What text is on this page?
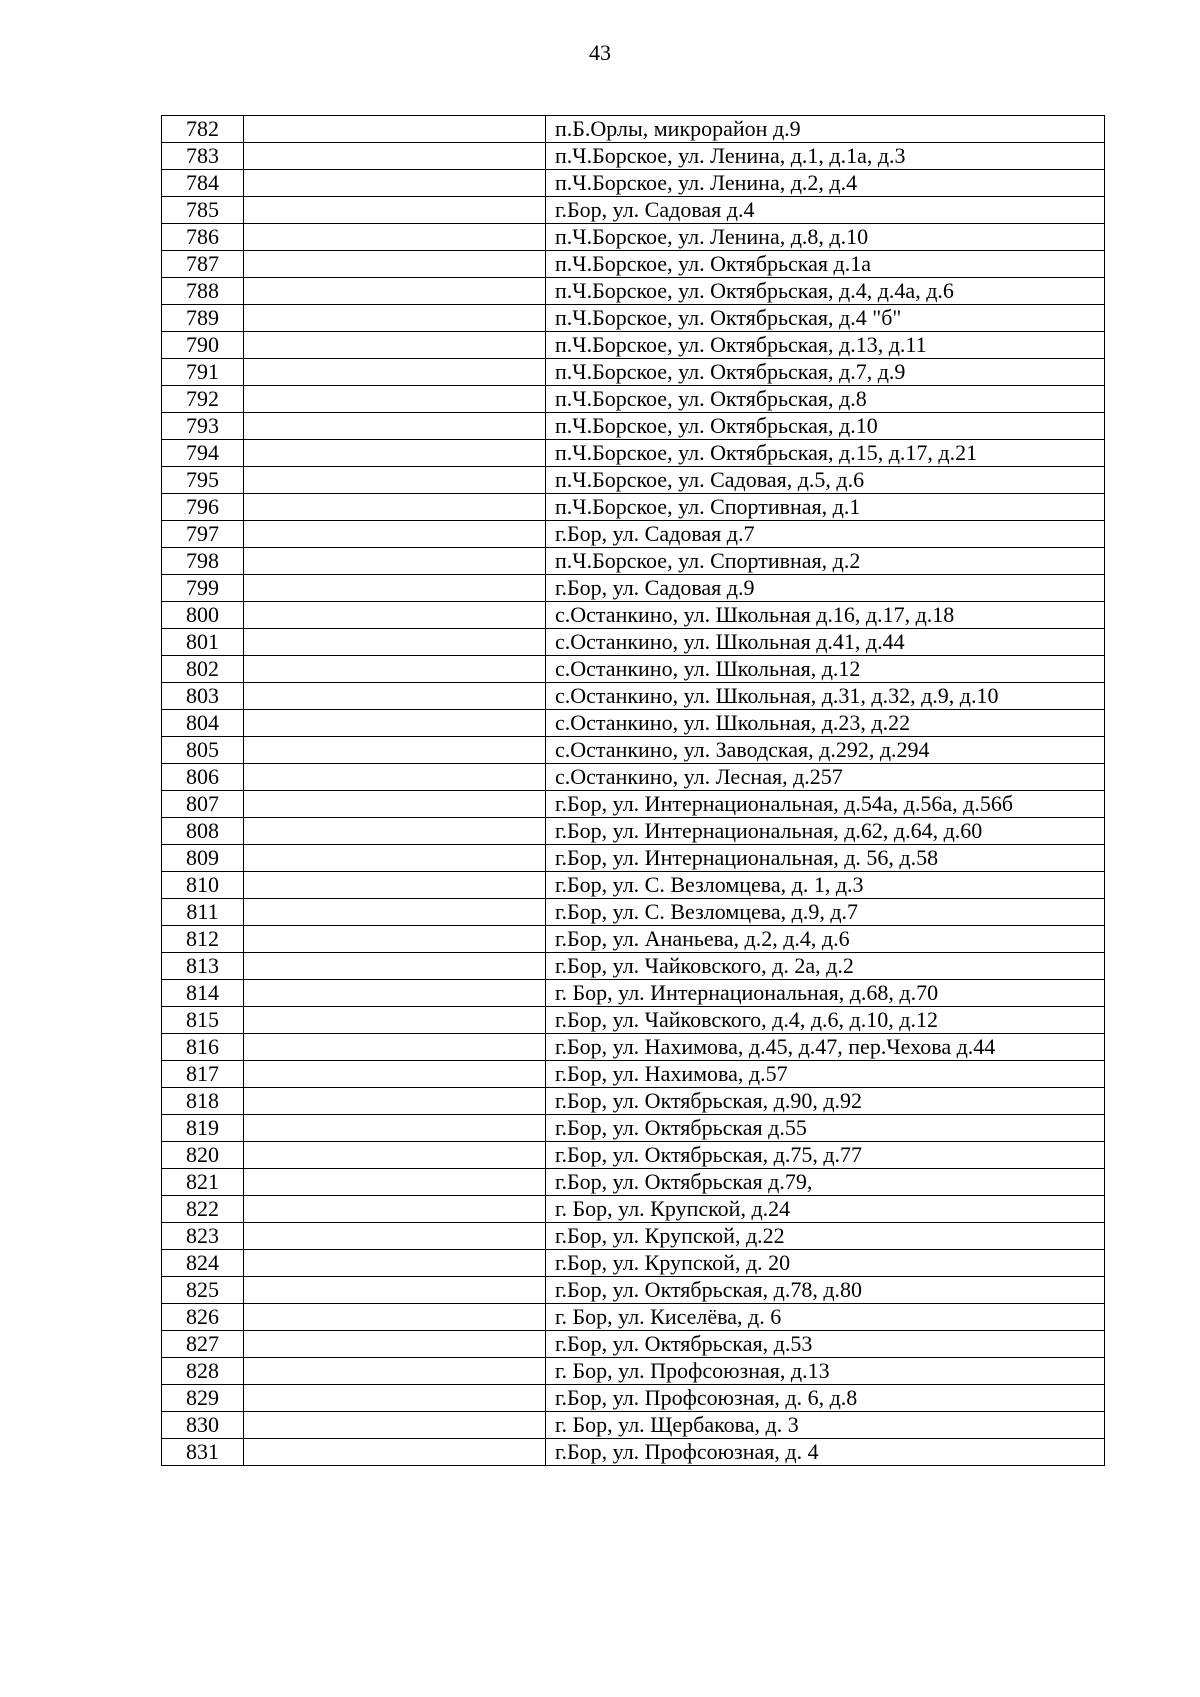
43
782		п.Б.Орлы, микрорайон д.9
783		п.Ч.Борское, ул. Ленина, д.1, д.1а, д.3
784		п.Ч.Борское, ул. Ленина, д.2, д.4
785		г.Бор, ул. Садовая д.4
786		п.Ч.Борское, ул. Ленина, д.8, д.10
787		п.Ч.Борское, ул. Октябрьская д.1а
788		п.Ч.Борское, ул. Октябрьская, д.4, д.4а, д.6
789		п.Ч.Борское, ул. Октябрьская, д.4 "б"
790		п.Ч.Борское, ул. Октябрьская, д.13, д.11
791		п.Ч.Борское, ул. Октябрьская, д.7, д.9
792		п.Ч.Борское, ул. Октябрьская, д.8
793		п.Ч.Борское, ул. Октябрьская, д.10
794		п.Ч.Борское, ул. Октябрьская, д.15, д.17, д.21
795		п.Ч.Борское, ул. Садовая, д.5, д.6
796		п.Ч.Борское, ул. Спортивная, д.1
797		г.Бор, ул. Садовая д.7
798		п.Ч.Борское, ул. Спортивная, д.2
799		г.Бор, ул. Садовая д.9
800		с.Останкино, ул. Школьная д.16, д.17, д.18
801		с.Останкино, ул. Школьная д.41, д.44
802		с.Останкино, ул. Школьная, д.12
803		с.Останкино, ул. Школьная, д.31, д.32, д.9, д.10
804		с.Останкино, ул. Школьная, д.23, д.22
805		с.Останкино, ул. Заводская, д.292, д.294
806		с.Останкино, ул. Лесная, д.257
807		г.Бор, ул. Интернациональная, д.54а, д.56а, д.56б
808		г.Бор, ул. Интернациональная, д.62, д.64, д.60
809		г.Бор, ул. Интернациональная, д. 56, д.58
810		г.Бор, ул. С. Везломцева, д. 1, д.3
811		г.Бор, ул. С. Везломцева, д.9, д.7
812		г.Бор, ул. Ананьева, д.2, д.4, д.6
813		г.Бор, ул. Чайковского, д. 2а, д.2
814		г. Бор, ул. Интернациональная, д.68, д.70
815		г.Бор, ул. Чайковского, д.4, д.6, д.10, д.12
816		г.Бор, ул. Нахимова, д.45, д.47, пер.Чехова д.44
817		г.Бор, ул. Нахимова, д.57
818		г.Бор, ул. Октябрьская, д.90, д.92
819		г.Бор, ул. Октябрьская д.55
820		г.Бор, ул. Октябрьская, д.75, д.77
821		г.Бор, ул. Октябрьская д.79,
822		г. Бор, ул. Крупской, д.24
823		г.Бор, ул. Крупской, д.22
824		г.Бор, ул. Крупской, д. 20
825		г.Бор, ул. Октябрьская, д.78, д.80
826		г. Бор, ул. Киселёва, д. 6
827		г.Бор, ул. Октябрьская, д.53
828		г. Бор, ул. Профсоюзная, д.13
829		г.Бор, ул. Профсоюзная, д. 6, д.8
830		г. Бор, ул. Щербакова, д. 3
831		г.Бор, ул. Профсоюзная, д. 4
